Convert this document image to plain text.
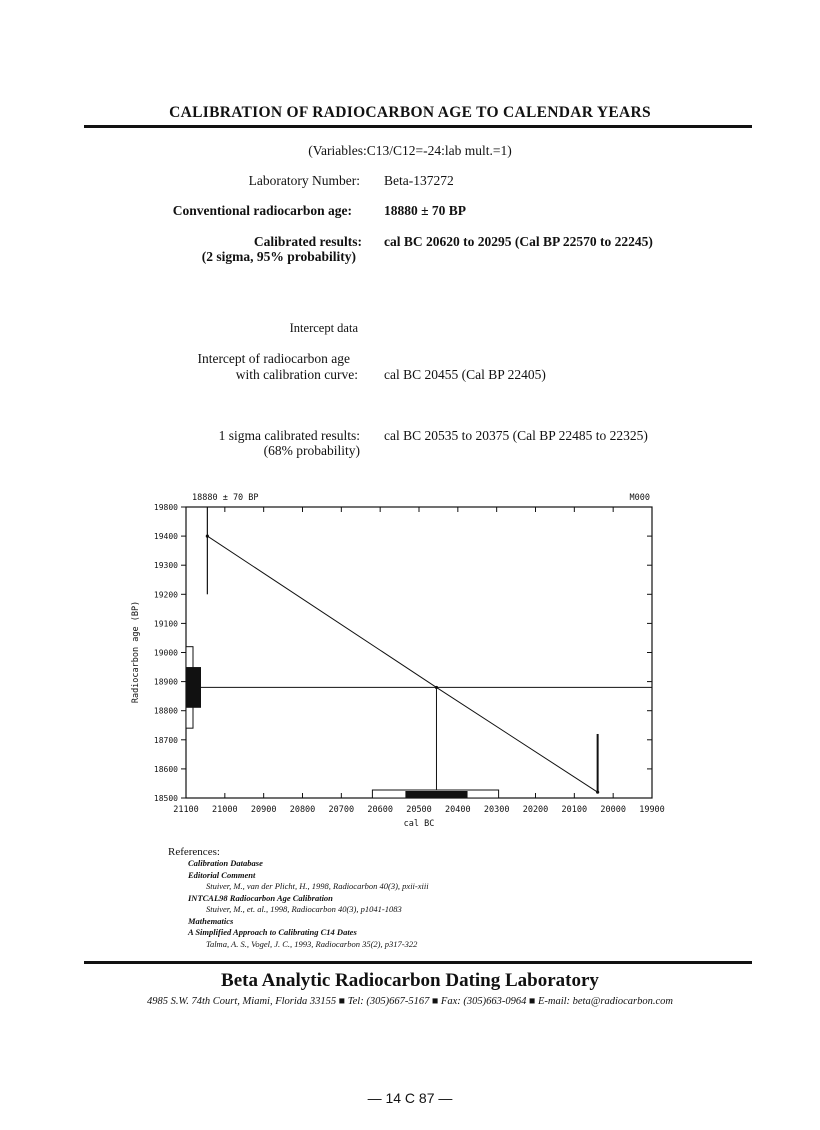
CALIBRATION OF RADIOCARBON AGE TO CALENDAR YEARS
(Variables:C13/C12=-24:lab mult.=1)
Laboratory Number: Beta-137272
Conventional radiocarbon age: 18880 ± 70 BP
Calibrated results:
(2 sigma, 95% probability)
cal BC 20620 to 20295 (Cal BP 22570 to 22245)
Intercept data
Intercept of radiocarbon age
with calibration curve: cal BC 20455 (Cal BP 22405)
1 sigma calibrated results:
(68% probability)
cal BC 20535 to 20375 (Cal BP 22485 to 22325)
18880 ± 70 BP	M000
Radiocarbon age (BP)
cal BC
21100 21000 20900 20800 20700 20600 20500 20400 20300 20200 20100 20000 19900
18500
18600
18700
18800
18900
19000
19100
19200
19300
19400
19800
References:
Calibration Database
Editorial Comment
Stuiver, M., van der Plicht, H., 1998, Radiocarbon 40(3), pxii-xiii
INTCAL98 Radiocarbon Age Calibration
Stuiver, M., et. al., 1998, Radiocarbon 40(3), p1041-1083
Mathematics
A Simplified Approach to Calibrating C14 Dates
Talma, A. S., Vogel, J. C., 1993, Radiocarbon 35(2), p317-322
Beta Analytic Radiocarbon Dating Laboratory
4985 S.W. 74th Court, Miami, Florida 33155 ■ Tel: (305)667-5167 ■ Fax: (305)663-0964 ■ E-mail: beta@radiocarbon.com
— 14 C 87 —
